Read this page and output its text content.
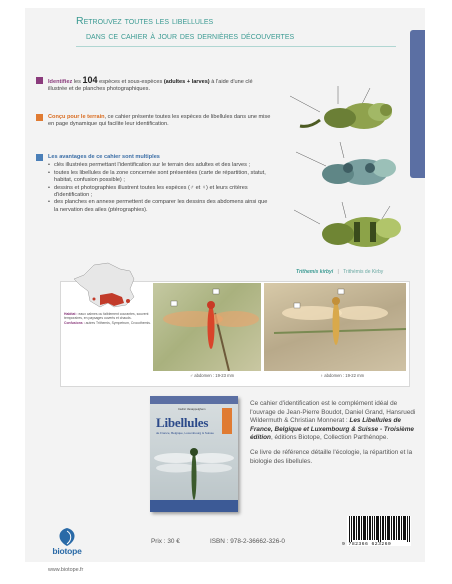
Retrouvez toutes les libellules
dans ce cahier à jour des dernières découvertes
Identifiez les 104 espèces et sous-espèces (adultes + larves) à l'aide d'une clé illustrée et de planches photographiques.
Conçu pour le terrain, ce cahier présente toutes les espèces de libellules dans une mise en page dynamique qui facilite leur identification.
Les avantages de ce cahier sont multiples
• clés illustrées permettant l'identification sur le terrain des adultes et des larves ;
• toutes les libellules de la zone concernée sont présentées (carte de répartition, statut, habitat, confusion possible) ;
• dessins et photographies illustrent toutes les espèces (♂ et ♀) et leurs critères d'identification ;
• des planches en annexe permettent de comparer les dessins des abdomens ainsi que la nervation des ailes (ptérographies).
Trithemis kirbyi | Trithémis de Kirby
Habitat : eaux calmes ou faiblement courantes, souvent temporaires, en paysages ouverts et chauds.
Confusions : autres Trithemis, Sympetrum, Crocothemis.
♂ abdomen : 19-23 mm	♀ abdomen : 19-22 mm
Cédric Vanappelghem
Libellules
de France, Belgique, Luxembourg & Suisse

Ce cahier d'identification est le complément idéal de l'ouvrage de Jean-Pierre Boudot, Daniel Grand, Hansruedi Wildermuth & Christian Monnerat : Les Libellules de France, Belgique et Luxembourg & Suisse - Troisième édition, éditions Biotope, Collection Parthénope.

Ce livre de référence détaille l'écologie, la répartition et la biologie des libellules.

Prix : 30 €	ISBN : 978-2-36662-326-0	9 782366 623260
biotope
www.biotope.fr
